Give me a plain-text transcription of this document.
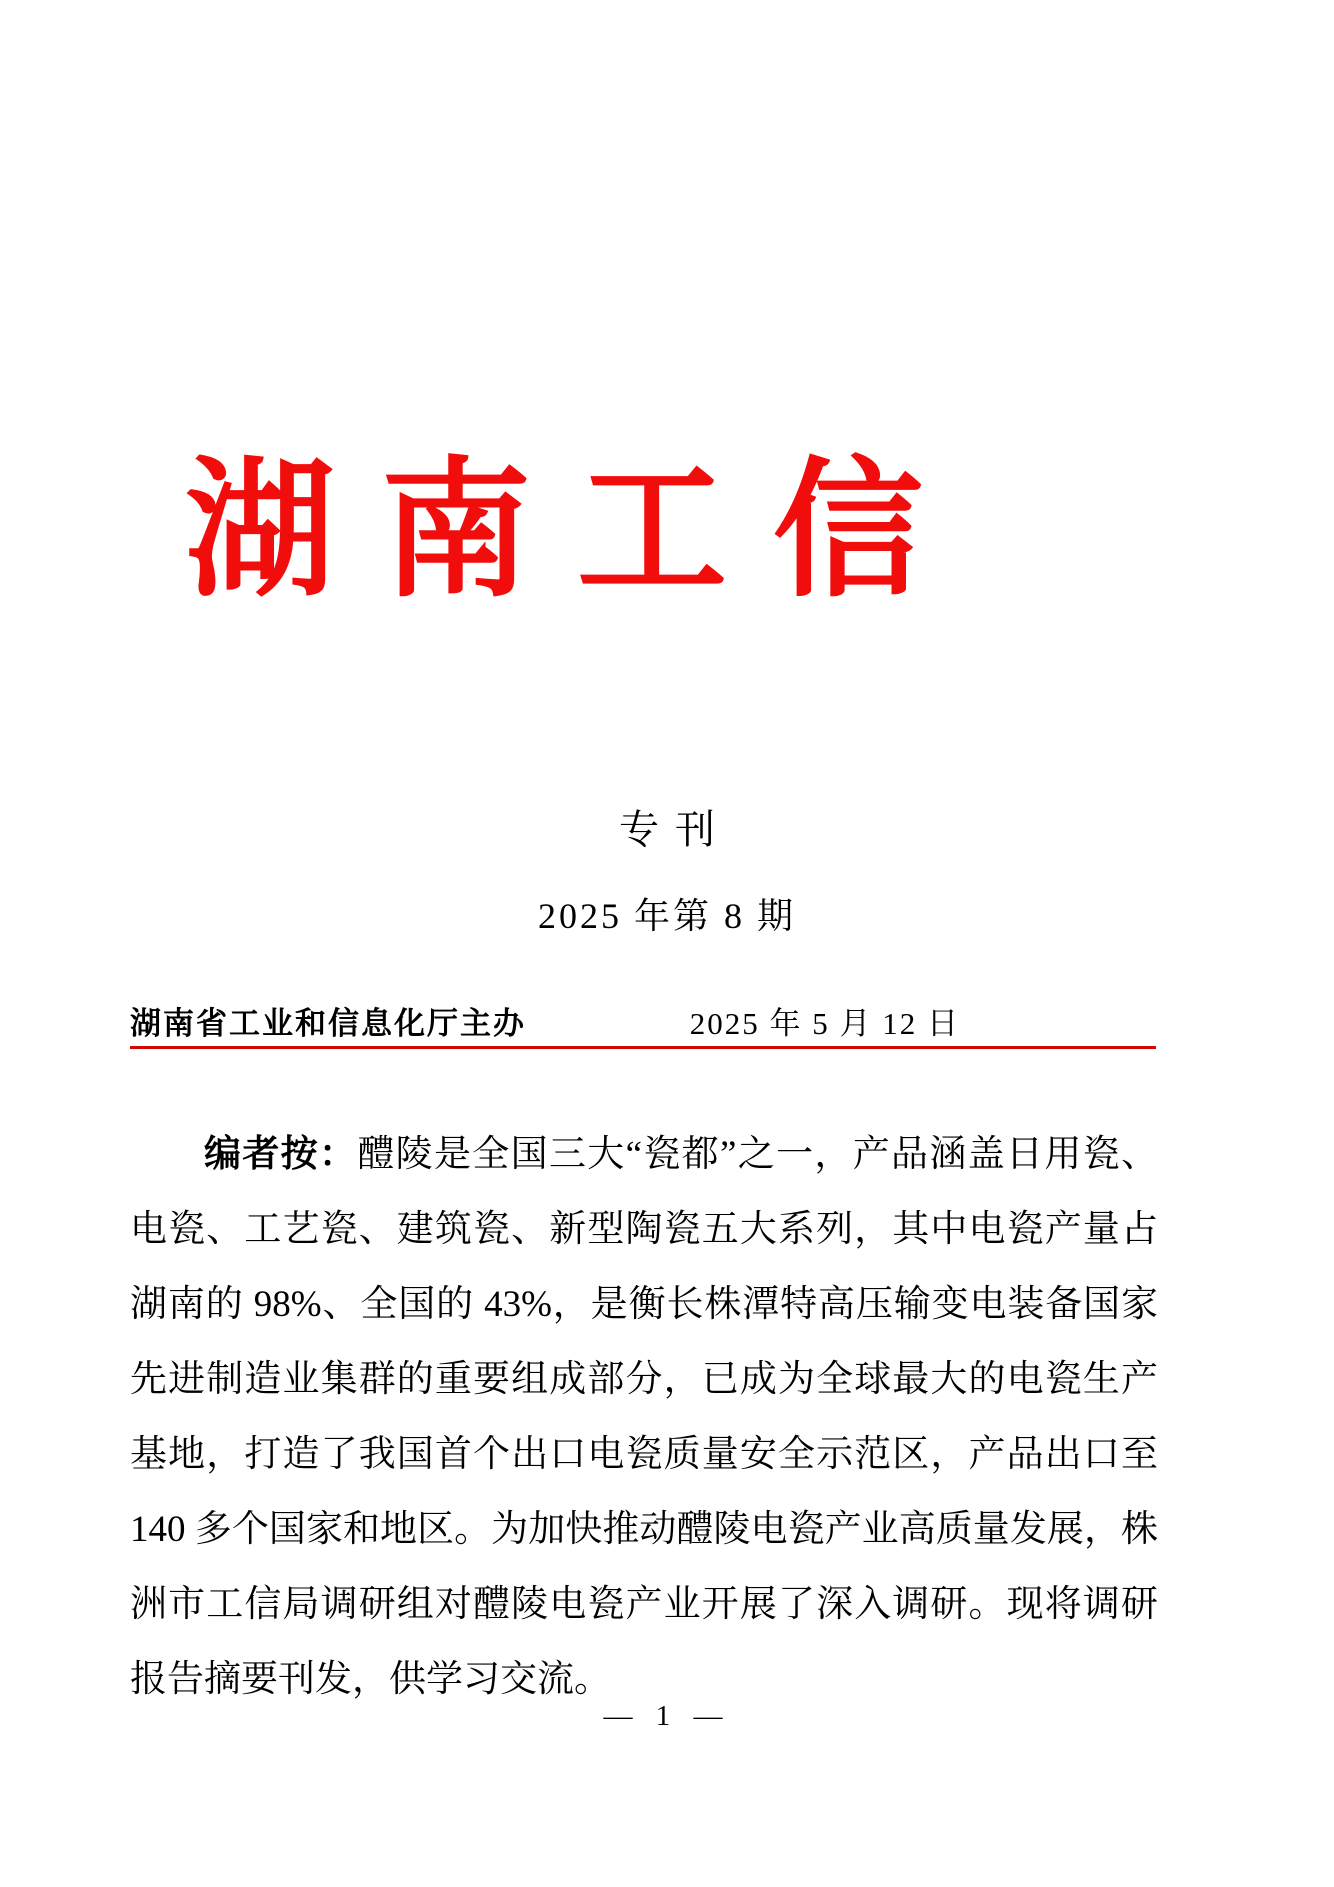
湖南工信
专刊
2025 年第 8 期
湖南省工业和信息化厅主办	2025 年 5 月 12 日

编者按：醴陵是全国三大“瓷都”之一，产品涵盖日用瓷、电瓷、工艺瓷、建筑瓷、新型陶瓷五大系列，其中电瓷产量占湖南的 98%、全国的 43%，是衡长株潭特高压输变电装备国家先进制造业集群的重要组成部分，已成为全球最大的电瓷生产基地，打造了我国首个出口电瓷质量安全示范区，产品出口至 140 多个国家和地区。为加快推动醴陵电瓷产业高质量发展，株洲市工信局调研组对醴陵电瓷产业开展了深入调研。现将调研报告摘要刊发，供学习交流。

— 1 —
